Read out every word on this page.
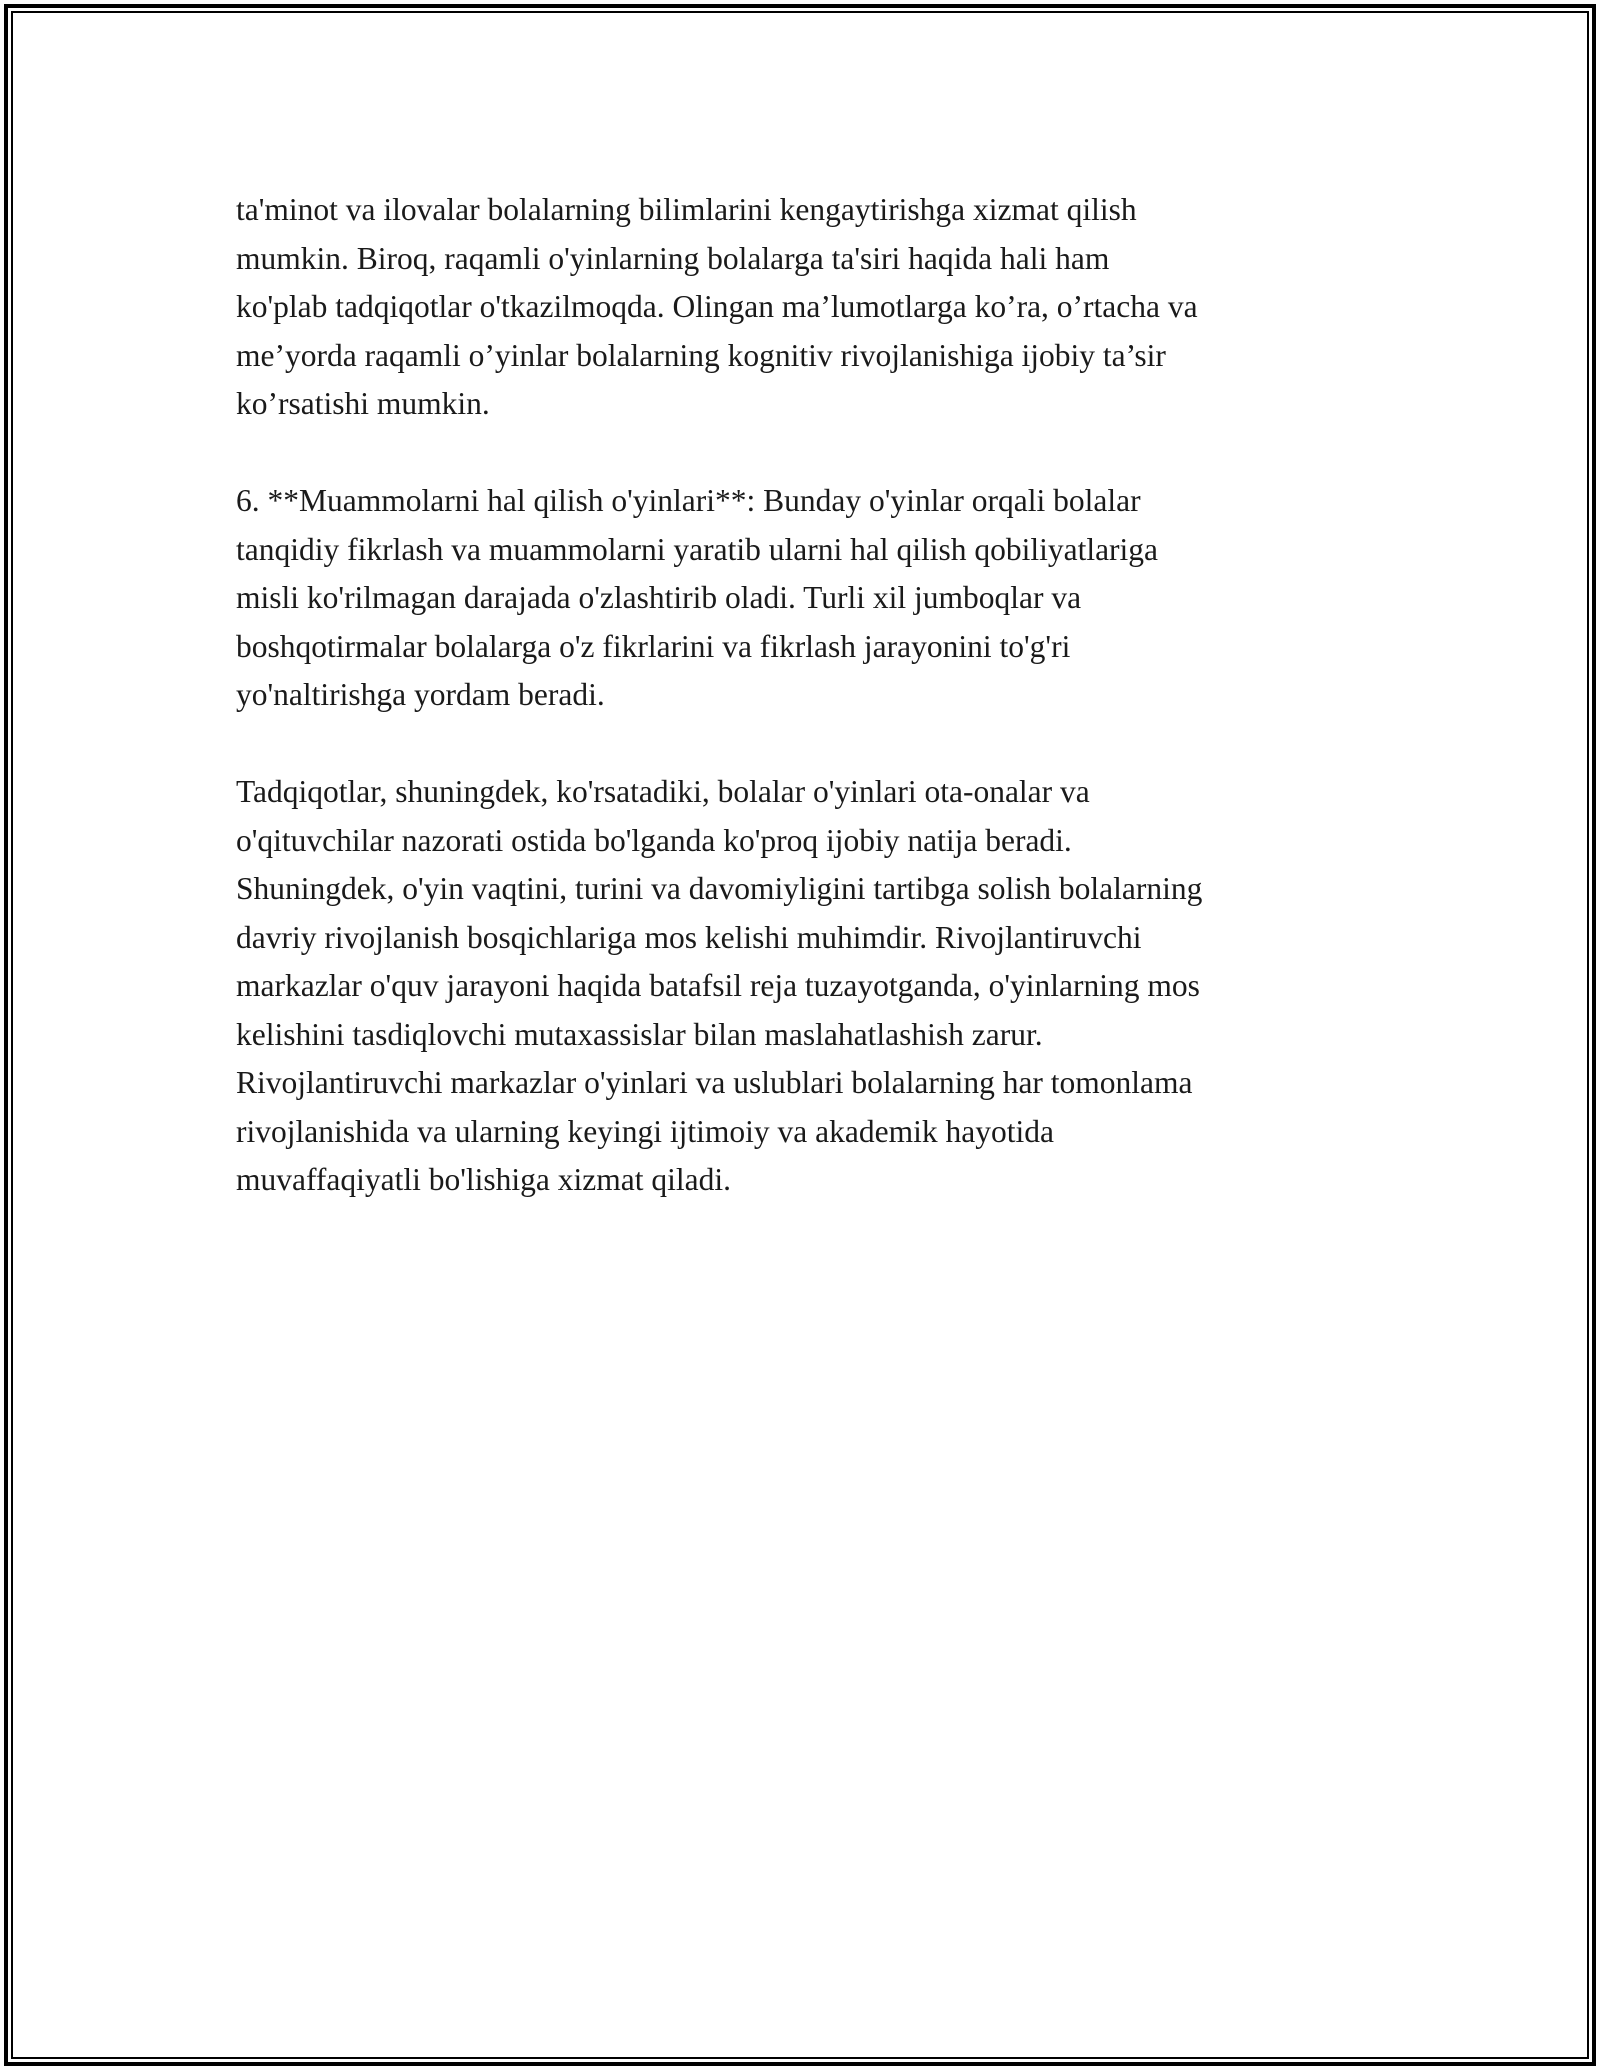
ta'minot va ilovalar bolalarning bilimlarini kengaytirishga xizmat qilish
mumkin. Biroq, raqamli o'yinlarning bolalarga ta'siri haqida hali ham
ko'plab tadqiqotlar o'tkazilmoqda. Olingan ma’lumotlarga ko’ra, o’rtacha va
me’yorda raqamli o’yinlar bolalarning kognitiv rivojlanishiga ijobiy ta’sir
ko’rsatishi mumkin.
6. **Muammolarni hal qilish o'yinlari**: Bunday o'yinlar orqali bolalar
tanqidiy fikrlash va muammolarni yaratib ularni hal qilish qobiliyatlariga
misli ko'rilmagan darajada o'zlashtirib oladi. Turli xil jumboqlar va
boshqotirmalar bolalarga o'z fikrlarini va fikrlash jarayonini to'g'ri
yo'naltirishga yordam beradi.
Tadqiqotlar, shuningdek, ko'rsatadiki, bolalar o'yinlari ota-onalar va
o'qituvchilar nazorati ostida bo'lganda ko'proq ijobiy natija beradi.
Shuningdek, o'yin vaqtini, turini va davomiyligini tartibga solish bolalarning
davriy rivojlanish bosqichlariga mos kelishi muhimdir. Rivojlantiruvchi
markazlar o'quv jarayoni haqida batafsil reja tuzayotganda, o'yinlarning mos
kelishini tasdiqlovchi mutaxassislar bilan maslahatlashish zarur.
Rivojlantiruvchi markazlar o'yinlari va uslublari bolalarning har tomonlama
rivojlanishida va ularning keyingi ijtimoiy va akademik hayotida
muvaffaqiyatli bo'lishiga xizmat qiladi.
